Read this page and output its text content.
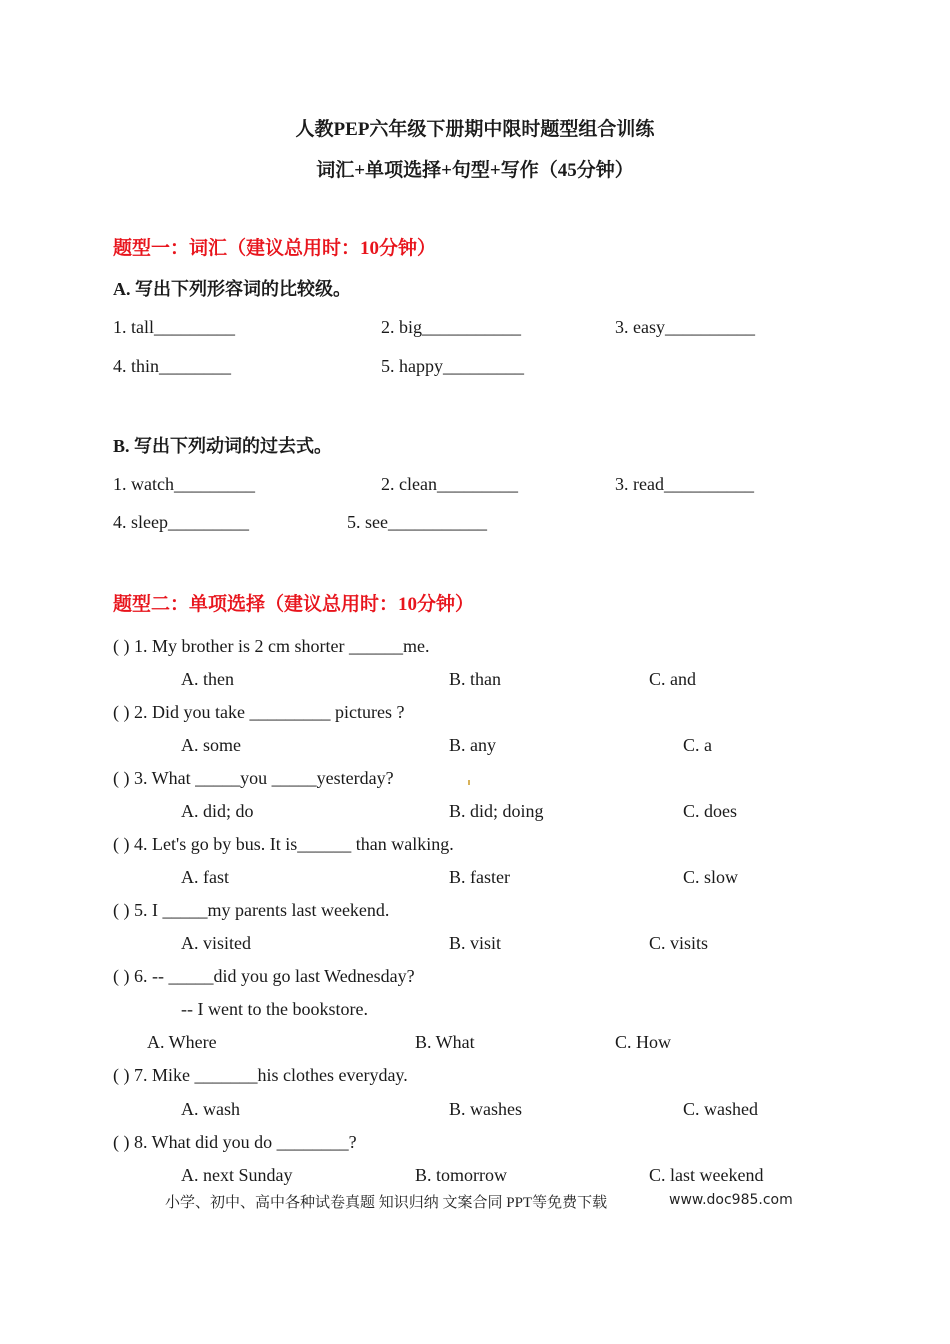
人教PEP六年级下册期中限时题型组合训练
词汇+单项选择+句型+写作（45分钟）
题型一：词汇（建议总用时：10分钟）
A. 写出下列形容词的比较级。
1. tall_________	2. big___________	3. easy__________
4. thin________	5. happy_________
B. 写出下列动词的过去式。
1. watch_________	2. clean_________	3. read__________
4. sleep_________	5. see___________
题型二：单项选择（建议总用时：10分钟）
( ) 1. My brother is 2 cm shorter ______me.
A. then	B. than	C. and
( ) 2. Did you take _________ pictures ?
A. some	B. any	C. a
( ) 3. What _____you _____yesterday?
A. did; do	B. did; doing	C. does
( ) 4. Let's go by bus. It is______ than walking.
A. fast	B. faster	C. slow
( ) 5. I _____my parents last weekend.
A. visited	B. visit	C. visits
( ) 6. -- _____did you go last Wednesday?
-- I went to the bookstore.
A. Where	B. What	C. How
( ) 7. Mike _______his clothes everyday.
A. wash	B. washes	C. washed
( ) 8. What did you do ________?
A. next Sunday	B. tomorrow	C. last weekend
小学、初中、高中各种试卷真题 知识归纳 文案合同 PPT等免费下载	www.doc985.com
